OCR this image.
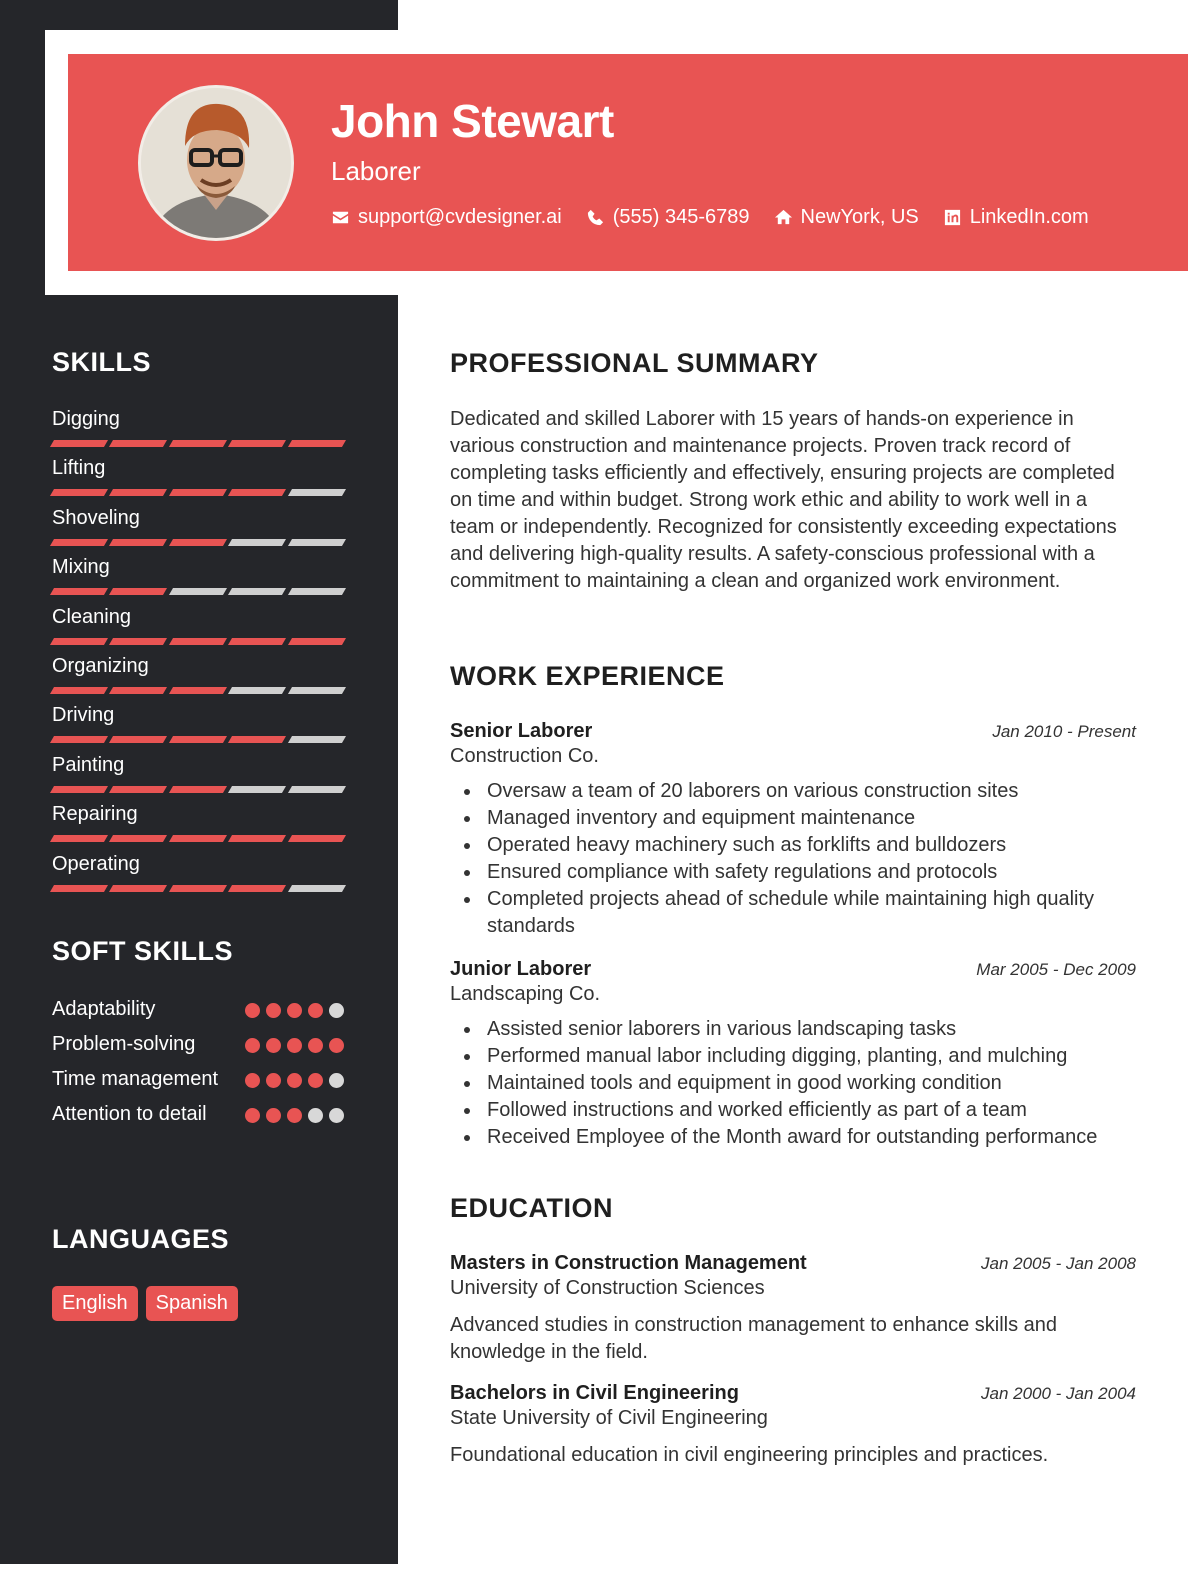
John Stewart
Laborer
support@cvdesigner.ai	(555) 345-6789	NewYork, US	LinkedIn.com
SKILLS
Digging
Lifting
Shoveling
Mixing
Cleaning
Organizing
Driving
Painting
Repairing
Operating
SOFT SKILLS
Adaptability
Problem-solving
Time management
Attention to detail
LANGUAGES
English	Spanish
PROFESSIONAL SUMMARY
Dedicated and skilled Laborer with 15 years of hands-on experience in various construction and maintenance projects. Proven track record of completing tasks efficiently and effectively, ensuring projects are completed on time and within budget. Strong work ethic and ability to work well in a team or independently. Recognized for consistently exceeding expectations and delivering high-quality results. A safety-conscious professional with a commitment to maintaining a clean and organized work environment.
WORK EXPERIENCE
Senior Laborer	Jan 2010 - Present
Construction Co.
Oversaw a team of 20 laborers on various construction sites
Managed inventory and equipment maintenance
Operated heavy machinery such as forklifts and bulldozers
Ensured compliance with safety regulations and protocols
Completed projects ahead of schedule while maintaining high quality standards
Junior Laborer	Mar 2005 - Dec 2009
Landscaping Co.
Assisted senior laborers in various landscaping tasks
Performed manual labor including digging, planting, and mulching
Maintained tools and equipment in good working condition
Followed instructions and worked efficiently as part of a team
Received Employee of the Month award for outstanding performance
EDUCATION
Masters in Construction Management	Jan 2005 - Jan 2008
University of Construction Sciences
Advanced studies in construction management to enhance skills and knowledge in the field.
Bachelors in Civil Engineering	Jan 2000 - Jan 2004
State University of Civil Engineering
Foundational education in civil engineering principles and practices.
